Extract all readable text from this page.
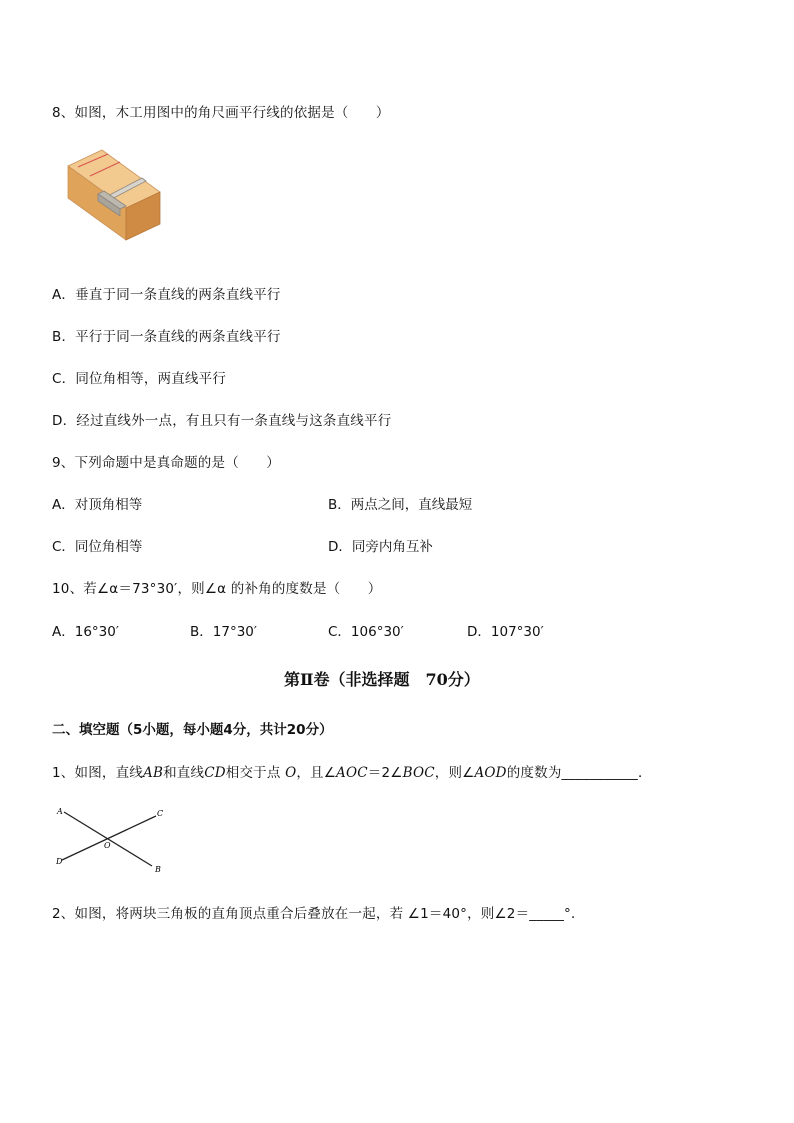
8、如图，木工用图中的角尺画平行线的依据是（　　）
A．垂直于同一条直线的两条直线平行
B．平行于同一条直线的两条直线平行
C．同位角相等，两直线平行
D．经过直线外一点，有且只有一条直线与这条直线平行
9、下列命题中是真命题的是（　　）
A．对顶角相等	B．两点之间，直线最短
C．同位角相等	D．同旁内角互补
10、若∠α＝73°30′，则∠α 的补角的度数是（　　）
A．16°30′	B．17°30′	C．106°30′	D．107°30′
第Ⅱ卷（非选择题　70分）
二、填空题（5小题，每小题4分，共计20分）
1、如图，直线AB和直线CD相交于点 O，且∠AOC＝2∠BOC，则∠AOD的度数为___________．
A	C
D
O
B
2、如图，将两块三角板的直角顶点重合后叠放在一起，若 ∠1＝40°，则∠2＝_____°．
